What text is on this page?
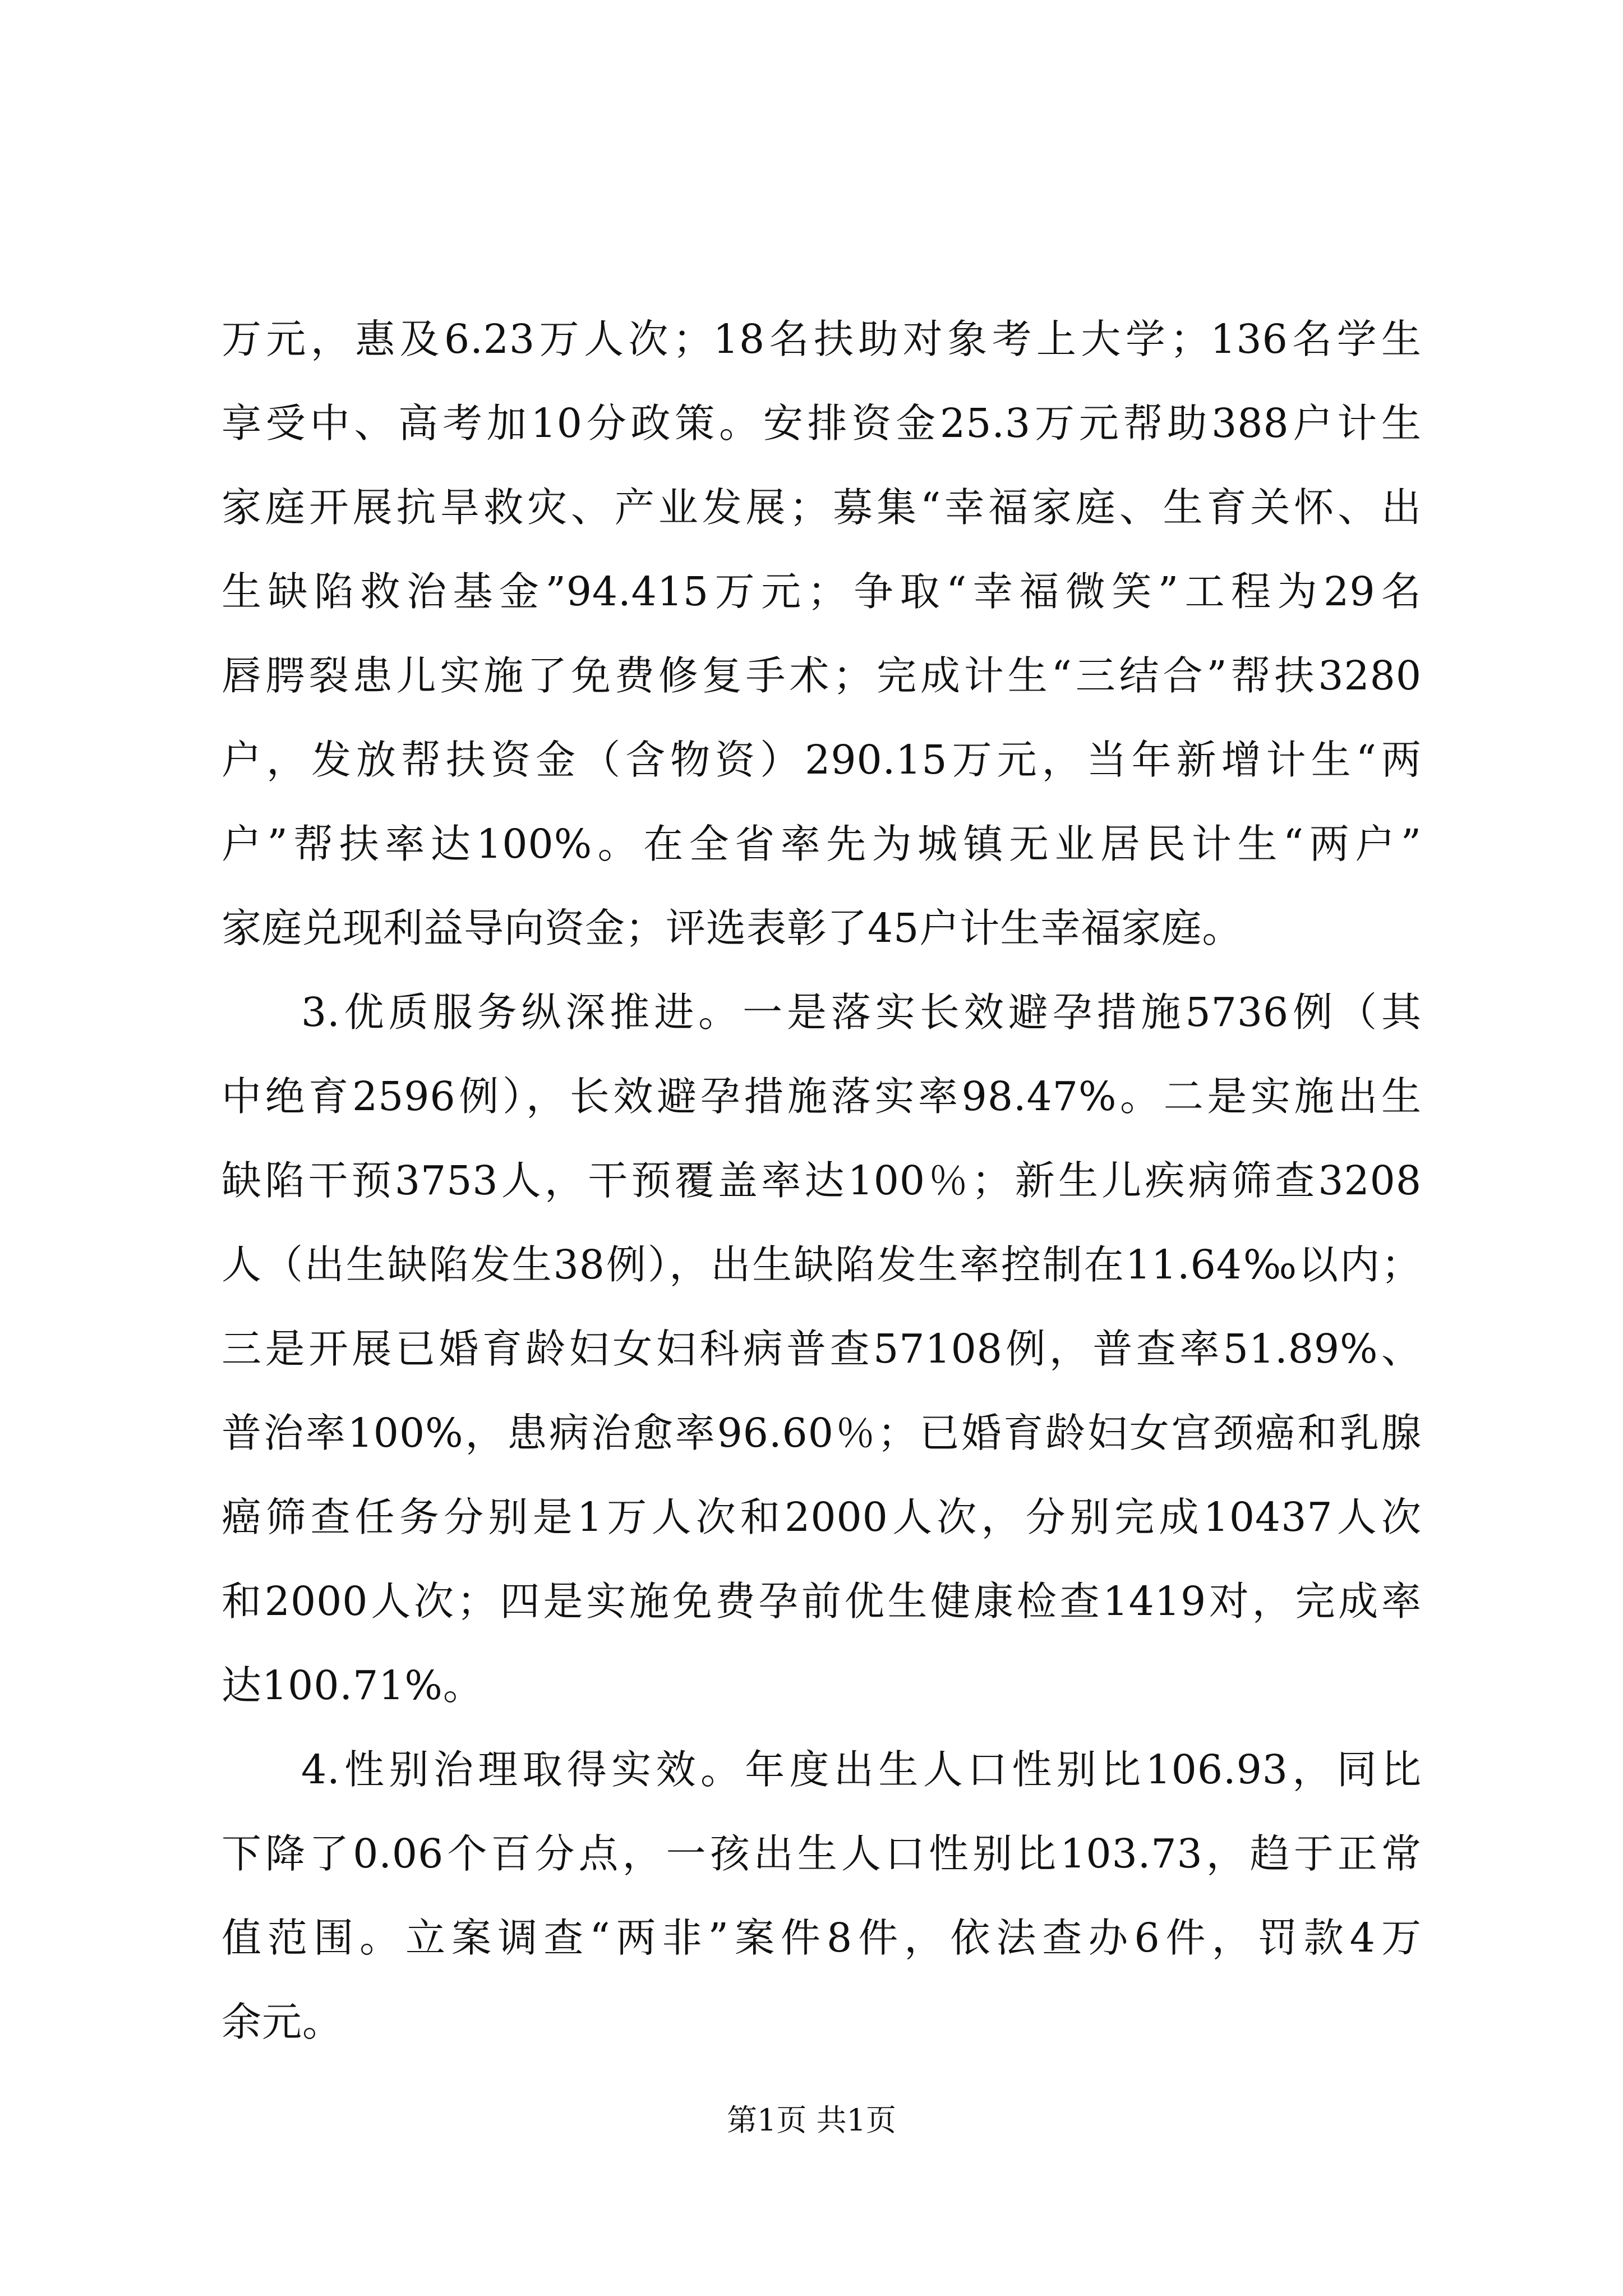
万元，惠及6.23万人次；18名扶助对象考上大学；136名学生
享受中、高考加10分政策。安排资金25.3万元帮助388户计生
家庭开展抗旱救灾、产业发展；募集“幸福家庭、生育关怀、出
生缺陷救治基金”94.415万元；争取“幸福微笑”工程为29名
唇腭裂患儿实施了免费修复手术；完成计生“三结合”帮扶3280
户，发放帮扶资金（含物资）290.15万元，当年新增计生“两
户”帮扶率达100%。在全省率先为城镇无业居民计生“两户”
家庭兑现利益导向资金；评选表彰了45户计生幸福家庭。
3.优质服务纵深推进。一是落实长效避孕措施5736例（其
中绝育2596例），长效避孕措施落实率98.47%。二是实施出生
缺陷干预3753人，干预覆盖率达100％；新生儿疾病筛查3208
人（出生缺陷发生38例），出生缺陷发生率控制在11.64‰以内；
三是开展已婚育龄妇女妇科病普查57108例，普查率51.89%、
普治率100%，患病治愈率96.60％；已婚育龄妇女宫颈癌和乳腺
癌筛查任务分别是1万人次和2000人次，分别完成10437人次
和2000人次；四是实施免费孕前优生健康检查1419对，完成率
达100.71%。
4.性别治理取得实效。年度出生人口性别比106.93，同比
下降了0.06个百分点，一孩出生人口性别比103.73，趋于正常
值范围。立案调查“两非”案件8件，依法查办6件，罚款4万
余元。
第1页 共1页
